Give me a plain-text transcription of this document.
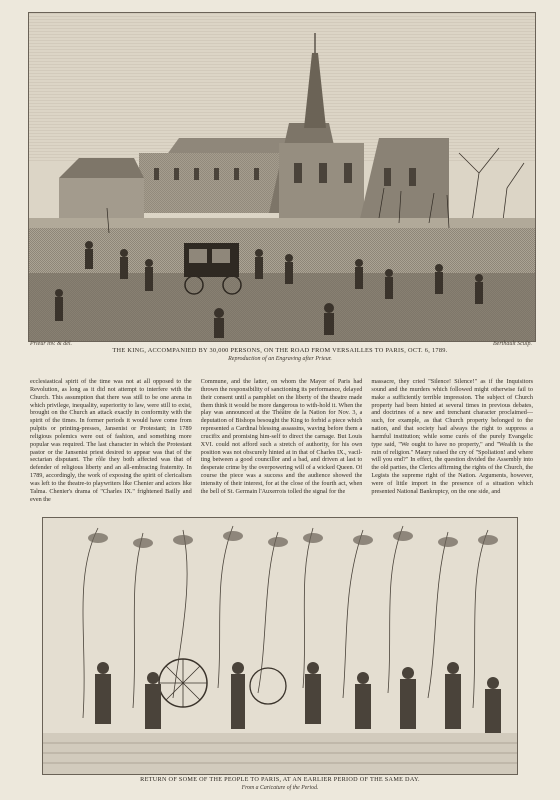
Prieur inv. & del.	Berthault Sculp.
THE KING, ACCOMPANIED BY 30,000 PERSONS, ON THE ROAD FROM VERSAILLES TO PARIS, OCT. 6, 1789.
Reproduction of an Engraving after Prieur.
ecclesiastical spirit of the time was not at all opposed to the Revolution, as long as it did not attempt to interfere with the Church. This assumption that there was still to be one arena in which privilege, inequality, superiority to law, were still to exist, brought on the Church an attack exactly in conformity with the spirit of the times. In former periods it would have come from pulpits or printing-presses, Jansenist or Protestant; in 1789 religious polemics were out of fashion, and something more popular was required. The last character in which the Protestant pastor or the Jansenist priest desired to appear was that of the sectarian disputant. The rôle they both affected was that of defender of religious liberty and an all-embracing fraternity. In 1789, accordingly, the work of exposing the spirit of clericalism was left to the theatre-to playwriters like Chenier and actors like Talma. Chenier's drama of "Charles IX." frightened Bailly and even the
Commune, and the latter, on whom the Mayor of Paris had thrown the responsibility of sanctioning its performance, delayed their consent until a pamphlet on the liberty of the theatre made them think it would be more dangerous to with-hold it. When the play was announced at the Théâtre de la Nation for Nov. 3, a deputation of Bishops besought the King to forbid a piece which represented a Cardinal blessing assassins, waving before them a crucifix and promising him-self to direct the carnage. But Louis XVI. could not afford such a stretch of authority, for his own position was not obscurely hinted at in that of Charles IX., vacil-ting between a good councillor and a bad, and driven at last to desperate crime by the overpowering will of a wicked Queen. Of course the piece was a success and the audience showed the intensity of their interest, for at the close of the fourth act, when the bell of St. Germain l'Auxerrois tolled the signal for the
massacre, they cried "Silence! Silence!" as if the Inquisitors sound and the murders which followed might otherwise fail to make a sufficiently terrible impression. The subject of Church property had been hinted at several times in previous debates, and doctrines of a new and trenchant character proclaimed—such, for example, as that Church property belonged to the nation, and that society had always the right to suppress a harmful institution; while some curés of the purely Evangelic type said, "We ought to have no property," and "Wealth is the ruin of religion." Maury raised the cry of "Spoliation! and where will you end?" In effect, the question divided the Assembly into the old parties, the Clerics affirming the rights of the Church, the Legists the supreme right of the Nation. Arguments, however, were of little import in the presence of a situation which presented National Bankruptcy, on the one side, and
RETURN OF SOME OF THE PEOPLE TO PARIS, AT AN EARLIER PERIOD OF THE SAME DAY.
From a Caricature of the Period.
